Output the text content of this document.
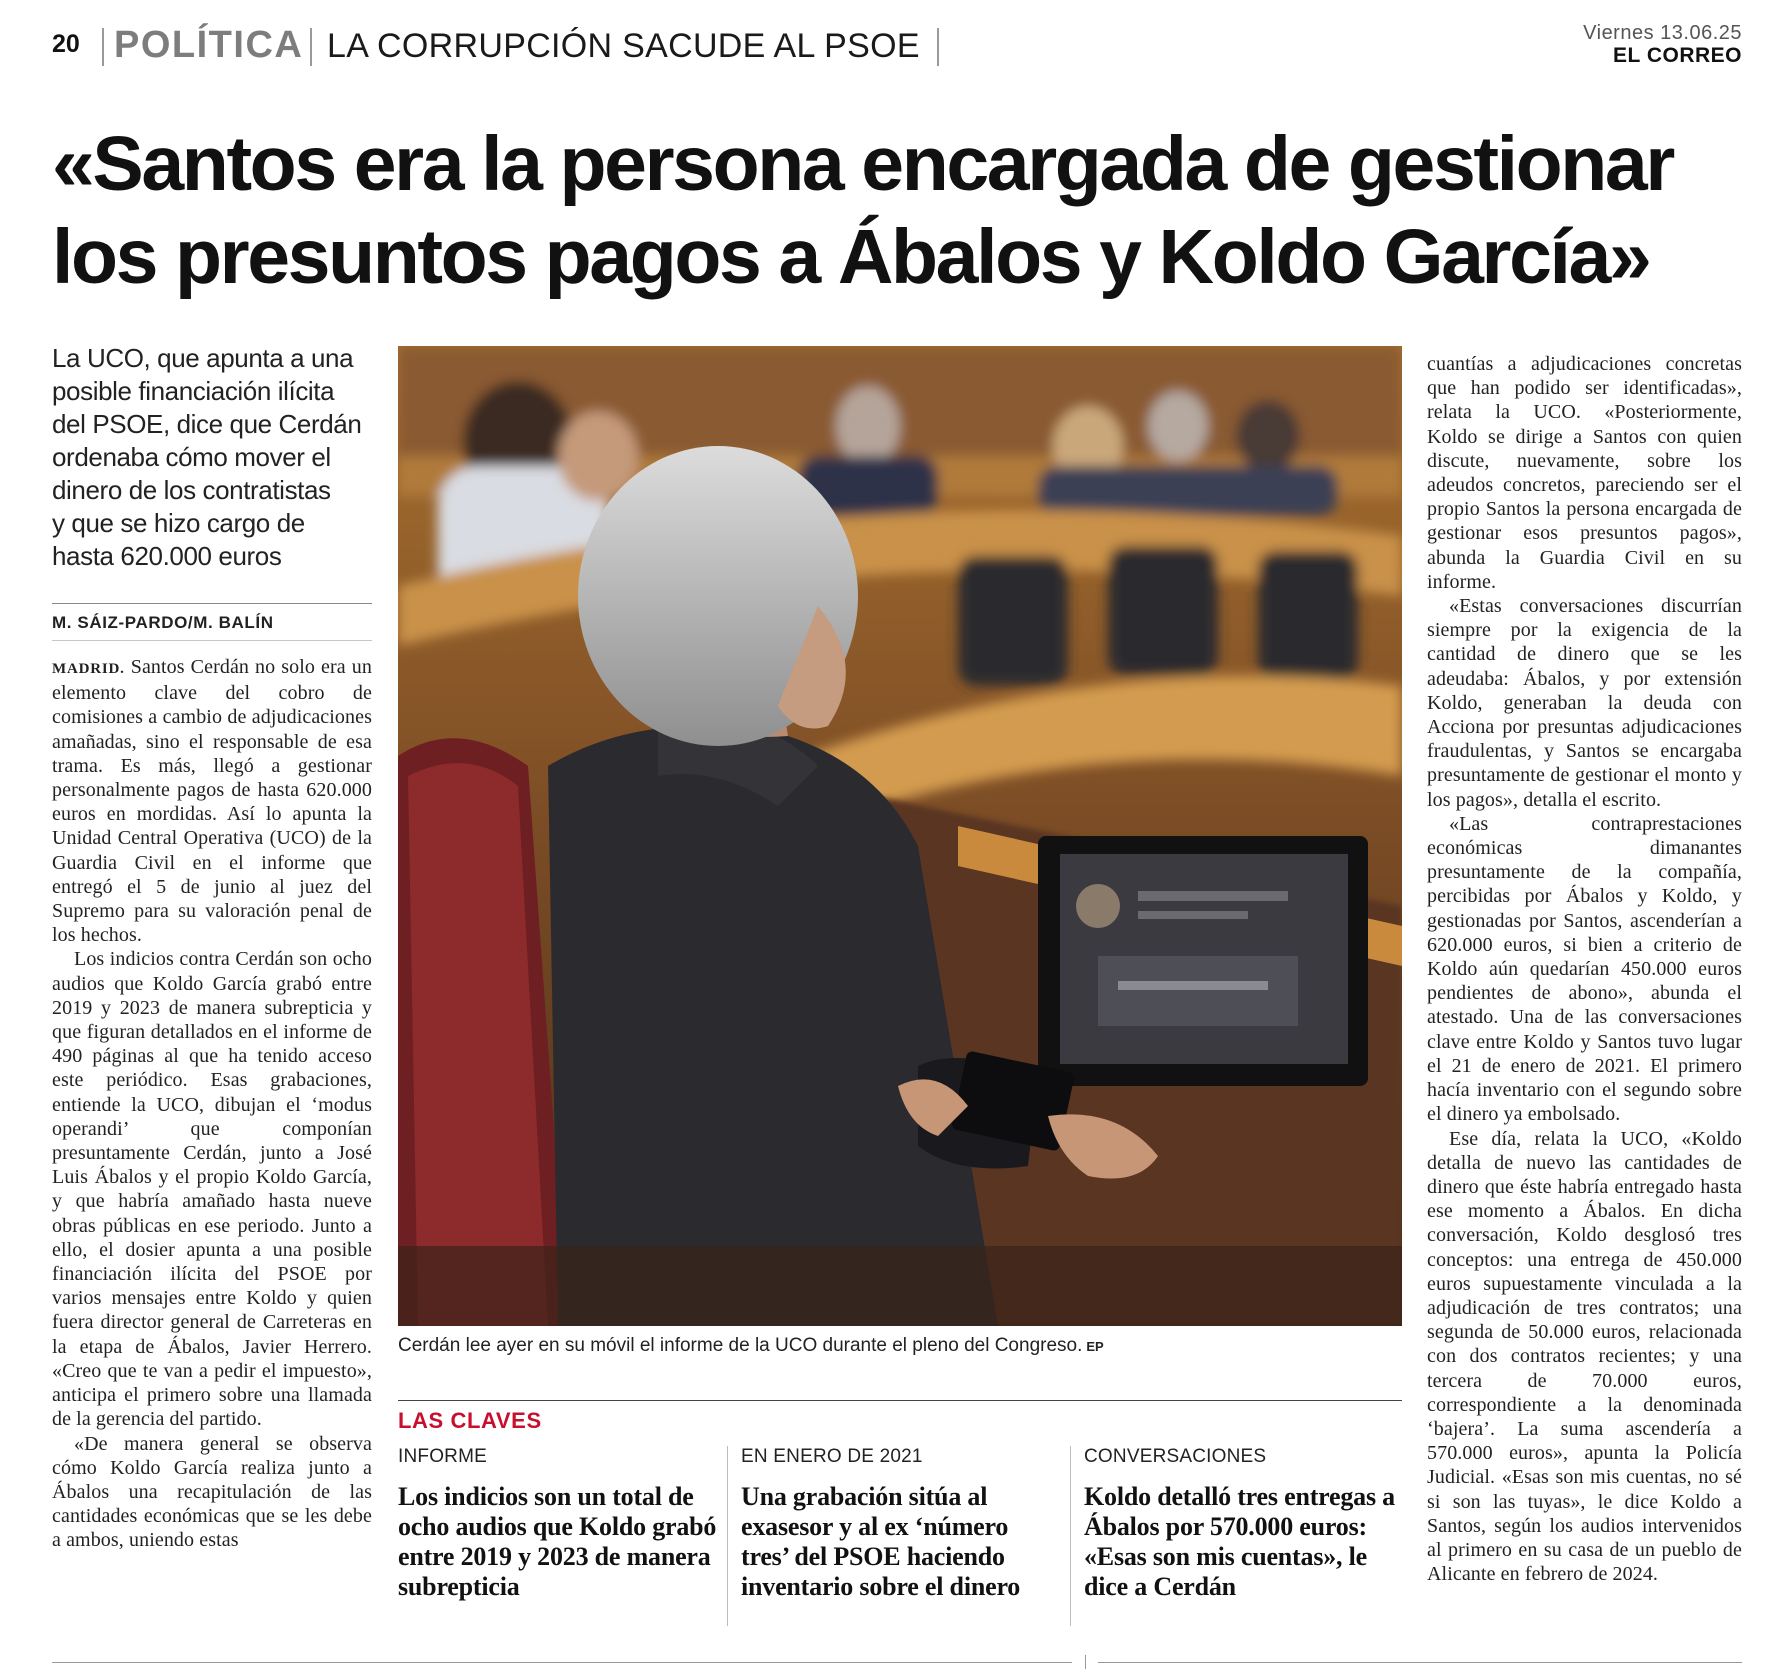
20 POLÍTICA LA CORRUPCIÓN SACUDE AL PSOE	Viernes 13.06.25
EL CORREO
«Santos era la persona encargada de gestionar
los presuntos pagos a Ábalos y Koldo García»
La UCO, que apunta a una
posible financiación ilícita
del PSOE, dice que Cerdán
ordenaba cómo mover el
dinero de los contratistas
y que se hizo cargo de
hasta 620.000 euros
M. SÁIZ-PARDO/M. BALÍN

MADRID. Santos Cerdán no solo era un elemento clave del cobro de comisiones a cambio de adjudicaciones amañadas, sino el responsable de esa trama. Es más, llegó a gestionar personalmente pagos de hasta 620.000 euros en mordidas. Así lo apunta la Unidad Central Operativa (UCO) de la Guardia Civil en el informe que entregó el 5 de junio al juez del Supremo para su valoración penal de los hechos.

Los indicios contra Cerdán son ocho audios que Koldo García grabó entre 2019 y 2023 de manera subrepticia y que figuran detallados en el informe de 490 páginas al que ha tenido acceso este periódico. Esas grabaciones, entiende la UCO, dibujan el ‘modus operandi’ que componían presuntamente Cerdán, junto a José Luis Ábalos y el propio Koldo García, y que habría amañado hasta nueve obras públicas en ese periodo. Junto a ello, el dosier apunta a una posible financiación ilícita del PSOE por varios mensajes entre Koldo y quien fuera director general de Carreteras en la etapa de Ábalos, Javier Herrero. «Creo que te van a pedir el impuesto», anticipa el primero sobre una llamada de la gerencia del partido.

«De manera general se observa cómo Koldo García realiza junto a Ábalos una recapitulación de las cantidades económicas que se les debe a ambos, uniendo estas

Cerdán lee ayer en su móvil el informe de la UCO durante el pleno del Congreso. EP
LAS CLAVES
INFORME
Los indicios son un total de ocho audios que Koldo grabó entre 2019 y 2023 de manera subrepticia
EN ENERO DE 2021
Una grabación sitúa al exasesor y al ex ‘número tres’ del PSOE haciendo inventario sobre el dinero
CONVERSACIONES
Koldo detalló tres entregas a Ábalos por 570.000 euros: «Esas son mis cuentas», le dice a Cerdán

cuantías a adjudicaciones concretas que han podido ser identificadas», relata la UCO. «Posteriormente, Koldo se dirige a Santos con quien discute, nuevamente, sobre los adeudos concretos, pareciendo ser el propio Santos la persona encargada de gestionar esos presuntos pagos», abunda la Guardia Civil en su informe.

«Estas conversaciones discurrían siempre por la exigencia de la cantidad de dinero que se les adeudaba: Ábalos, y por extensión Koldo, generaban la deuda con Acciona por presuntas adjudicaciones fraudulentas, y Santos se encargaba presuntamente de gestionar el monto y los pagos», detalla el escrito.

«Las contraprestaciones económicas dimanantes presuntamente de la compañía, percibidas por Ábalos y Koldo, y gestionadas por Santos, ascenderían a 620.000 euros, si bien a criterio de Koldo aún quedarían 450.000 euros pendientes de abono», abunda el atestado. Una de las conversaciones clave entre Koldo y Santos tuvo lugar el 21 de enero de 2021. El primero hacía inventario con el segundo sobre el dinero ya embolsado.

Ese día, relata la UCO, «Koldo detalla de nuevo las cantidades de dinero que éste habría entregado hasta ese momento a Ábalos. En dicha conversación, Koldo desglosó tres conceptos: una entrega de 450.000 euros supuestamente vinculada a la adjudicación de tres contratos; una segunda de 50.000 euros, relacionada con dos contratos recientes; y una tercera de 70.000 euros, correspondiente a la denominada ‘bajera’. La suma ascendería a 570.000 euros», apunta la Policía Judicial. «Esas son mis cuentas, no sé si son las tuyas», le dice Koldo a Santos, según los audios intervenidos al primero en su casa de un pueblo de Alicante en febrero de 2024.
